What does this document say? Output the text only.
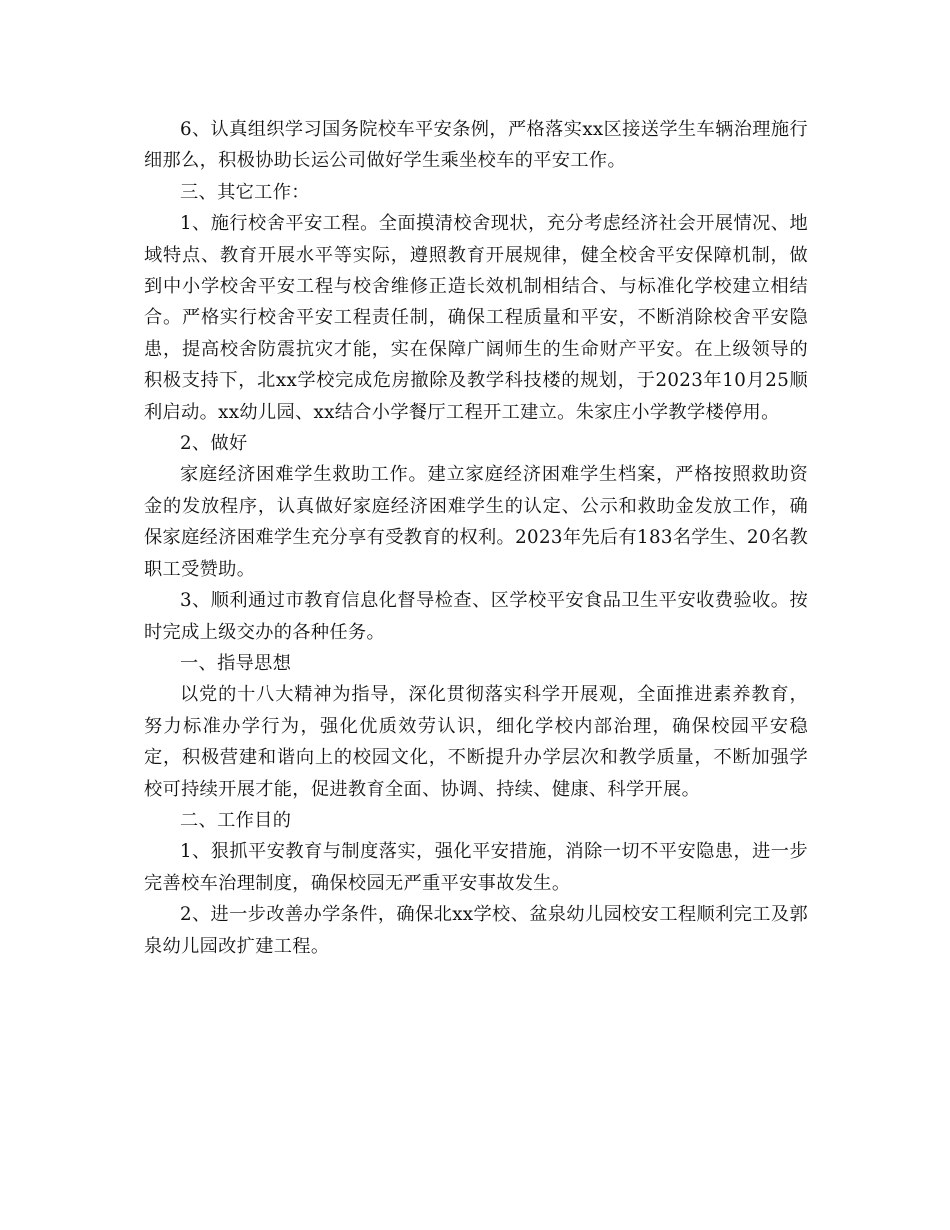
6、认真组织学习国务院校车平安条例，严格落实xx区接送学生车辆治理施行细那么，积极协助长运公司做好学生乘坐校车的平安工作。

三、其它工作：

1、施行校舍平安工程。全面摸清校舍现状，充分考虑经济社会开展情况、地域特点、教育开展水平等实际，遵照教育开展规律，健全校舍平安保障机制，做到中小学校舍平安工程与校舍维修正造长效机制相结合、与标准化学校建立相结合。严格实行校舍平安工程责任制，确保工程质量和平安，不断消除校舍平安隐患，提高校舍防震抗灾才能，实在保障广阔师生的生命财产平安。在上级领导的积极支持下，北xx学校完成危房撤除及教学科技楼的规划，于2023年10月25顺利启动。xx幼儿园、xx结合小学餐厅工程开工建立。朱家庄小学教学楼停用。

2、做好

家庭经济困难学生救助工作。建立家庭经济困难学生档案，严格按照救助资金的发放程序，认真做好家庭经济困难学生的认定、公示和救助金发放工作，确保家庭经济困难学生充分享有受教育的权利。2023年先后有183名学生、20名教职工受赞助。

3、顺利通过市教育信息化督导检查、区学校平安食品卫生平安收费验收。按时完成上级交办的各种任务。

一、指导思想

以党的十八大精神为指导，深化贯彻落实科学开展观，全面推进素养教育，努力标准办学行为，强化优质效劳认识，细化学校内部治理，确保校园平安稳定，积极营建和谐向上的校园文化，不断提升办学层次和教学质量，不断加强学校可持续开展才能，促进教育全面、协调、持续、健康、科学开展。

二、工作目的

1、狠抓平安教育与制度落实，强化平安措施，消除一切不平安隐患，进一步完善校车治理制度，确保校园无严重平安事故发生。

2、进一步改善办学条件，确保北xx学校、盆泉幼儿园校安工程顺利完工及郭泉幼儿园改扩建工程。
